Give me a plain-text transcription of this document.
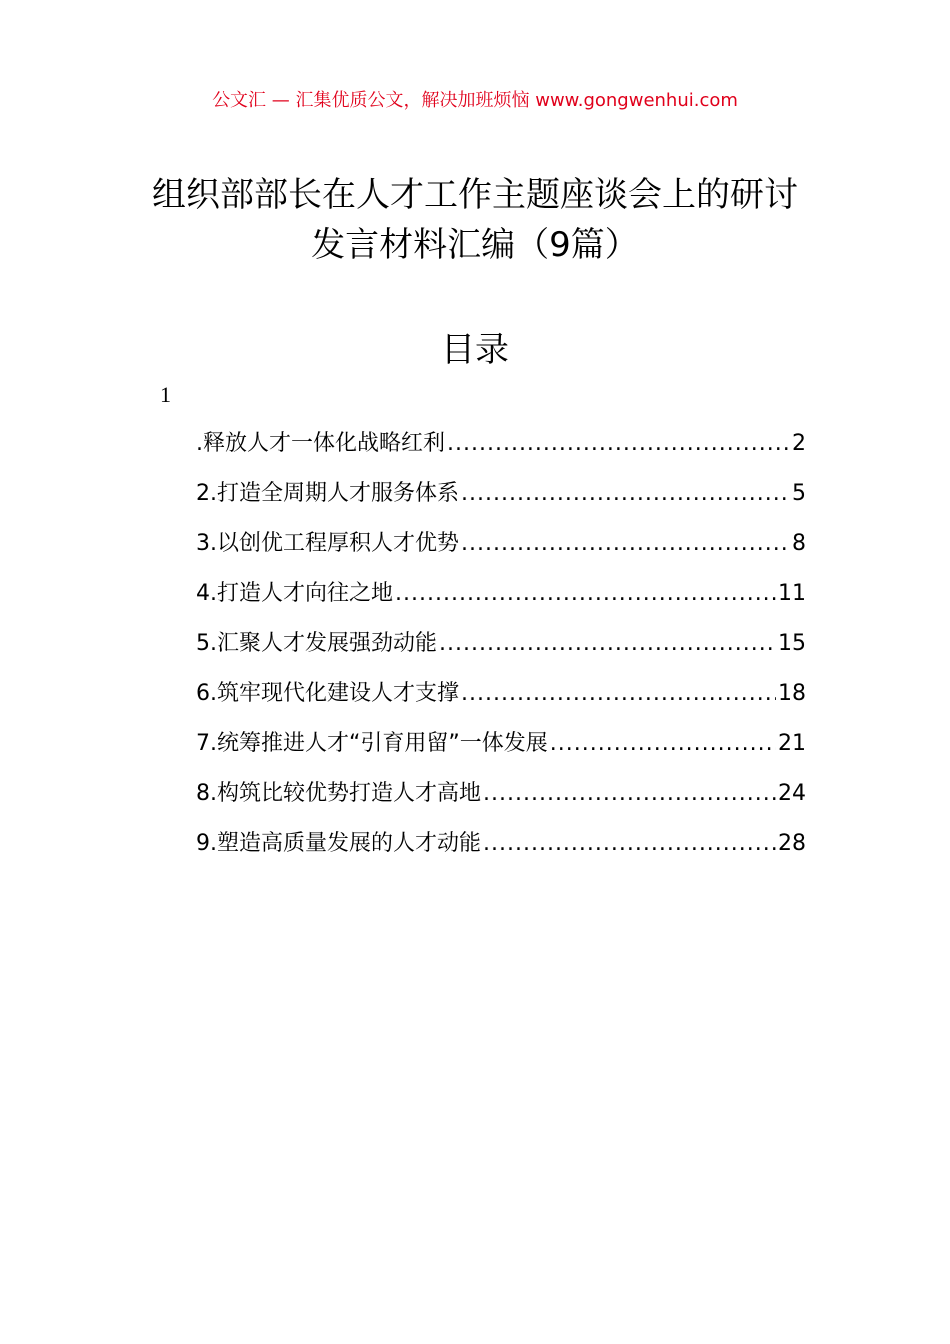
公文汇 — 汇集优质公文，解决加班烦恼 www.gongwenhui.com
组织部部长在人才工作主题座谈会上的研讨发言材料汇编（9篇）
目录
1
.释放人才一体化战略红利 .....	2
2.打造全周期人才服务体系 .....	5
3.以创优工程厚积人才优势 .....	8
4.打造人才向往之地 .....	11
5.汇聚人才发展强劲动能 .....	15
6.筑牢现代化建设人才支撑 .....	18
7.统筹推进人才“引育用留”一体发展 .....	21
8.构筑比较优势打造人才高地 .....	24
9.塑造高质量发展的人才动能 .....	28
